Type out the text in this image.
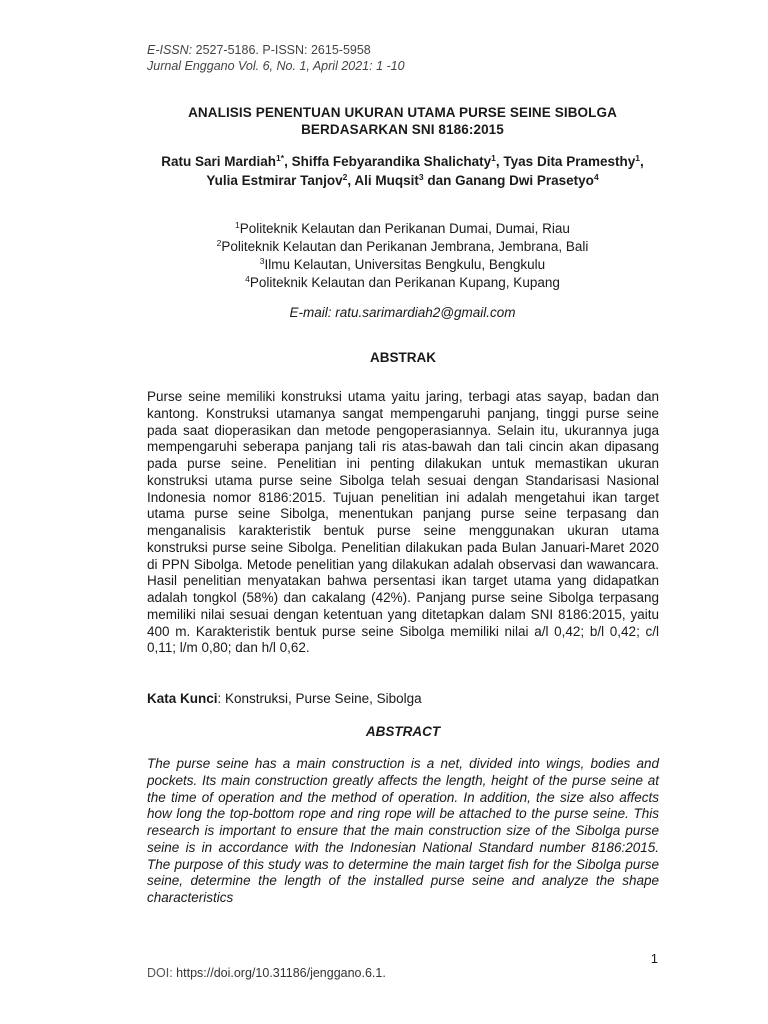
E-ISSN: 2527-5186. P-ISSN: 2615-5958
Jurnal Enggano Vol. 6, No. 1, April 2021: 1 -10
ANALISIS PENENTUAN UKURAN UTAMA PURSE SEINE SIBOLGA
BERDASARKAN SNI 8186:2015
Ratu Sari Mardiah$^{1*}$, Shiffa Febyarandika Shalichaty$^1$, Tyas Dita Pramesthy$^1$, Yulia Estmirar Tanjov$^2$, Ali Muqsit$^3$ dan Ganang Dwi Prasetyo$^4$
$^1$Politeknik Kelautan dan Perikanan Dumai, Dumai, Riau
$^2$Politeknik Kelautan dan Perikanan Jembrana, Jembrana, Bali
$^3$Ilmu Kelautan, Universitas Bengkulu, Bengkulu
$^4$Politeknik Kelautan dan Perikanan Kupang, Kupang
E-mail: ratu.sarimardiah2@gmail.com
ABSTRAK

Purse seine memiliki konstruksi utama yaitu jaring, terbagi atas sayap, badan dan kantong. Konstruksi utamanya sangat mempengaruhi panjang, tinggi purse seine pada saat dioperasikan dan metode pengoperasiannya. Selain itu, ukurannya juga mempengaruhi seberapa panjang tali ris atas-bawah dan tali cincin akan dipasang pada purse seine. Penelitian ini penting dilakukan untuk memastikan ukuran konstruksi utama purse seine Sibolga telah sesuai dengan Standarisasi Nasional Indonesia nomor 8186:2015. Tujuan penelitian ini adalah mengetahui ikan target utama purse seine Sibolga, menentukan panjang purse seine terpasang dan menganalisis karakteristik bentuk purse seine menggunakan ukuran utama konstruksi purse seine Sibolga. Penelitian dilakukan pada Bulan Januari-Maret 2020 di PPN Sibolga. Metode penelitian yang dilakukan adalah observasi dan wawancara. Hasil penelitian menyatakan bahwa persentasi ikan target utama yang didapatkan adalah tongkol (58%) dan cakalang (42%). Panjang purse seine Sibolga terpasang memiliki nilai sesuai dengan ketentuan yang ditetapkan dalam SNI 8186:2015, yaitu 400 m. Karakteristik bentuk purse seine Sibolga memiliki nilai a/l 0,42; b/l 0,42; c/l 0,11; l/m 0,80; dan h/l 0,62.

Kata Kunci: Konstruksi, Purse Seine, Sibolga
ABSTRACT

The purse seine has a main construction is a net, divided into wings, bodies and pockets. Its main construction greatly affects the length, height of the purse seine at the time of operation and the method of operation. In addition, the size also affects how long the top-bottom rope and ring rope will be attached to the purse seine. This research is important to ensure that the main construction size of the Sibolga purse seine is in accordance with the Indonesian National Standard number 8186:2015. The purpose of this study was to determine the main target fish for the Sibolga purse seine, determine the length of the installed purse seine and analyze the shape characteristics

1
DOI: https://doi.org/10.31186/jenggano.6.1.
